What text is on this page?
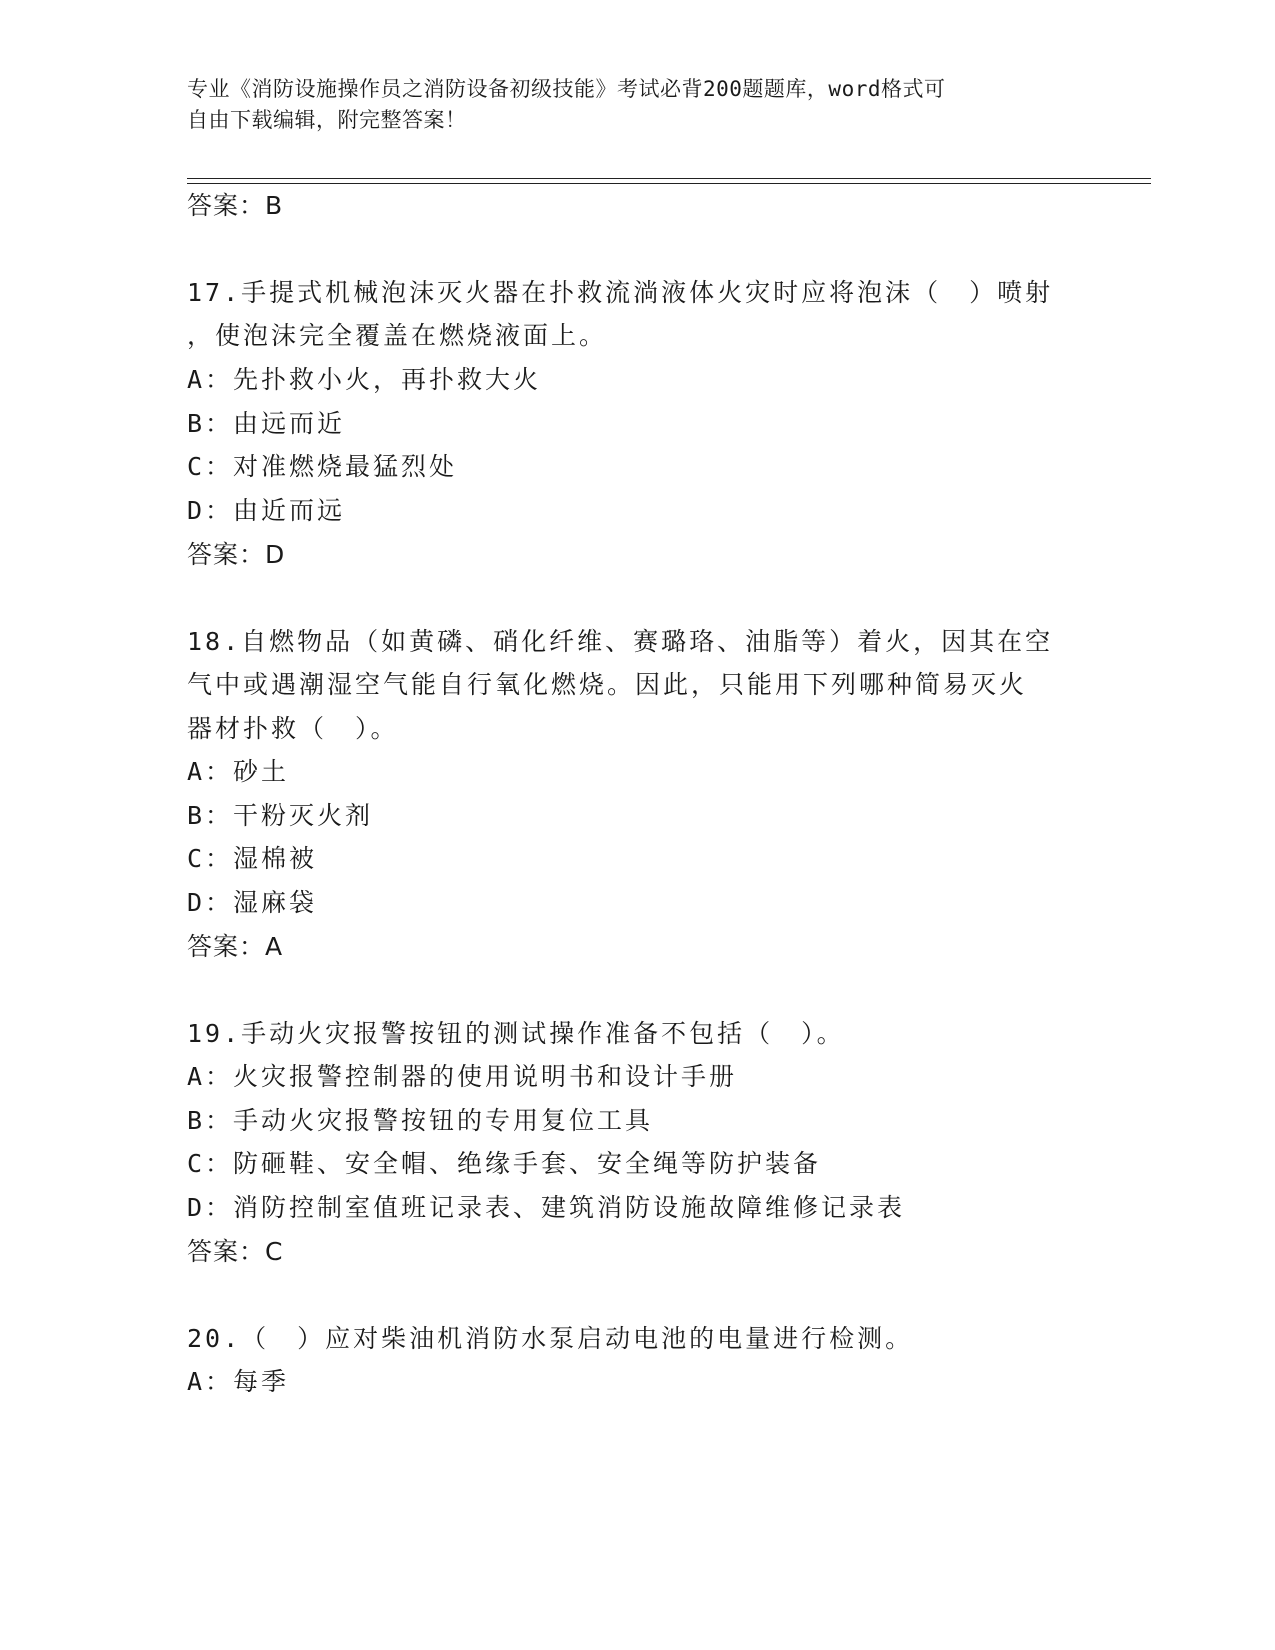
专业《消防设施操作员之消防设备初级技能》考试必背200题题库，word格式可
自由下载编辑，附完整答案！
答案：B
17.手提式机械泡沫灭火器在扑救流淌液体火灾时应将泡沫（　）喷射
，使泡沫完全覆盖在燃烧液面上。
A：先扑救小火，再扑救大火
B：由远而近
C：对准燃烧最猛烈处
D：由近而远
答案：D
18.自燃物品（如黄磷、硝化纤维、赛璐珞、油脂等）着火，因其在空
气中或遇潮湿空气能自行氧化燃烧。因此，只能用下列哪种简易灭火
器材扑救（　）。
A：砂土
B：干粉灭火剂
C：湿棉被
D：湿麻袋
答案：A
19.手动火灾报警按钮的测试操作准备不包括（　）。
A：火灾报警控制器的使用说明书和设计手册
B：手动火灾报警按钮的专用复位工具
C：防砸鞋、安全帽、绝缘手套、安全绳等防护装备
D：消防控制室值班记录表、建筑消防设施故障维修记录表
答案：C
20.（　）应对柴油机消防水泵启动电池的电量进行检测。
A：每季
